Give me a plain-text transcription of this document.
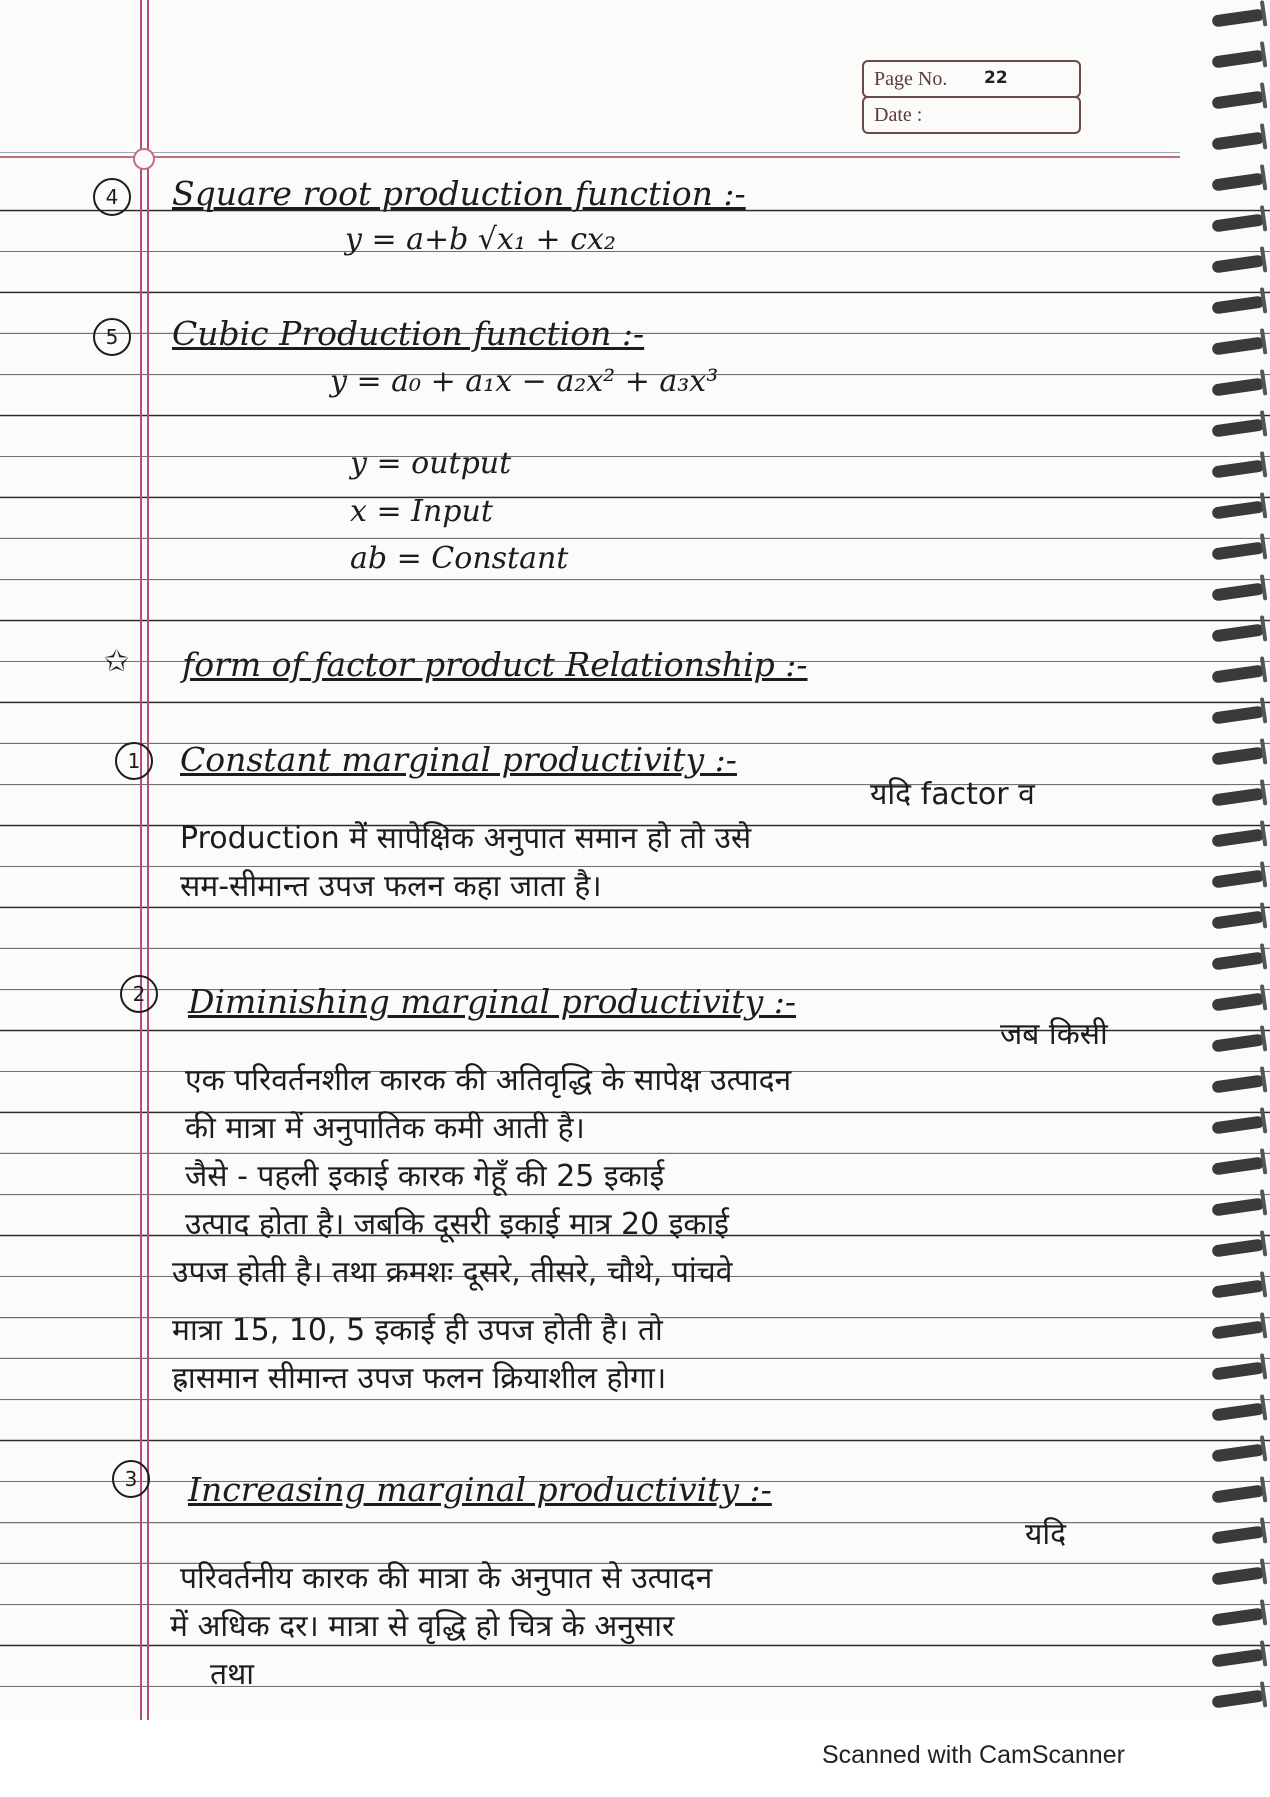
Page No. 22
Date :
4	Square root production function :-
y = a+b √x₁ + cx₂
5	Cubic Production function :-
y = a₀ + a₁x − a₂x² + a₃x³
y = output
x = Input
ab = Constant
✩ form of factor product Relationship :-
1	Constant marginal productivity :-
यदि factor व
Production में सापेक्षिक अनुपात समान हो तो उसे
सम-सीमान्त उपज फलन कहा जाता है।
2	Diminishing marginal productivity :-
जब किसी
एक परिवर्तनशील कारक की अतिवृद्धि के सापेक्ष उत्पादन
की मात्रा में अनुपातिक कमी आती है।
जैसे - पहली इकाई कारक गेहूँ की 25 इकाई
उत्पाद होता है। जबकि दूसरी इकाई मात्र 20 इकाई
उपज होती है। तथा क्रमशः दूसरे, तीसरे, चौथे, पांचवे
मात्रा 15, 10, 5 इकाई ही उपज होती है। तो
ह्रासमान सीमान्त उपज फलन क्रियाशील होगा।
3	Increasing marginal productivity :-
यदि
परिवर्तनीय कारक की मात्रा के अनुपात से उत्पादन
में अधिक दर। मात्रा से वृद्धि हो चित्र के अनुसार
तथा
Scanned with CamScanner
